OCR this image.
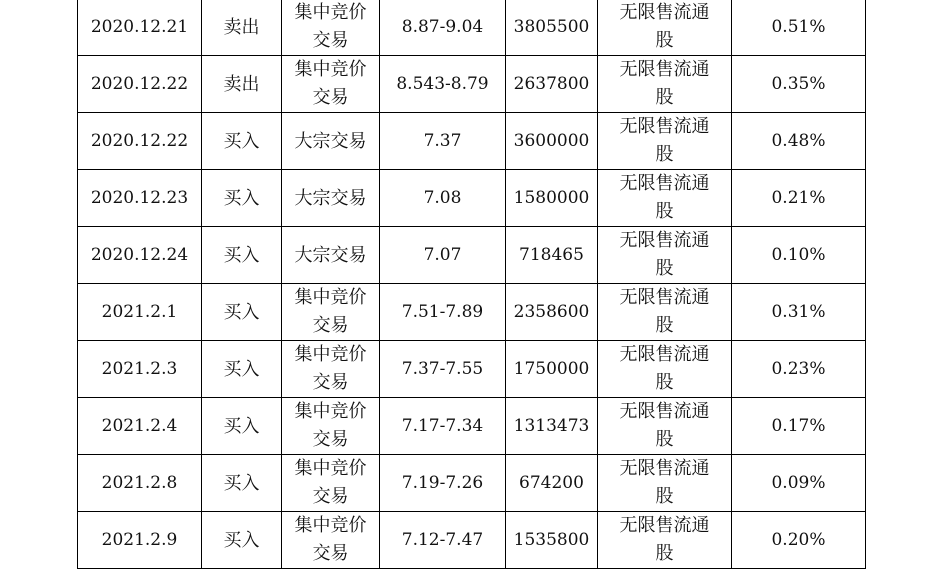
2020.12.21	卖出	集中竞价交易	8.87-9.04	3805500	无限售流通股	0.51%
2020.12.22	卖出	集中竞价交易	8.543-8.79	2637800	无限售流通股	0.35%
2020.12.22	买入	大宗交易	7.37	3600000	无限售流通股	0.48%
2020.12.23	买入	大宗交易	7.08	1580000	无限售流通股	0.21%
2020.12.24	买入	大宗交易	7.07	718465	无限售流通股	0.10%
2021.2.1	买入	集中竞价交易	7.51-7.89	2358600	无限售流通股	0.31%
2021.2.3	买入	集中竞价交易	7.37-7.55	1750000	无限售流通股	0.23%
2021.2.4	买入	集中竞价交易	7.17-7.34	1313473	无限售流通股	0.17%
2021.2.8	买入	集中竞价交易	7.19-7.26	674200	无限售流通股	0.09%
2021.2.9	买入	集中竞价交易	7.12-7.47	1535800	无限售流通股	0.20%
